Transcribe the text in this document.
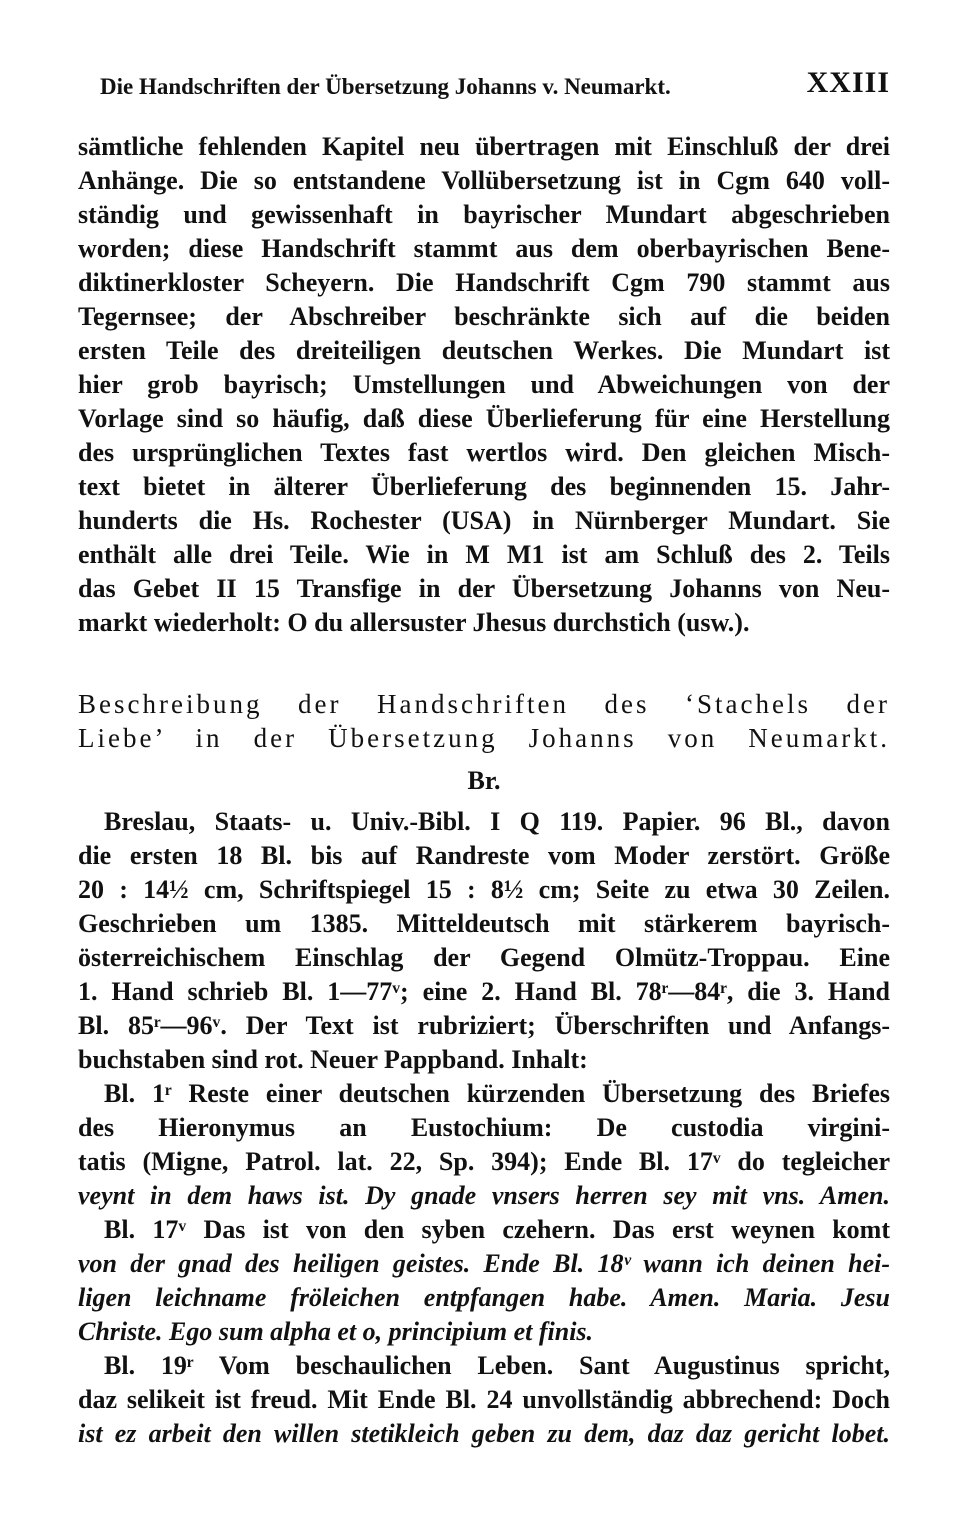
Die Handschriften der Übersetzung Johanns v. Neumarkt.	XXIII
sämtliche fehlenden Kapitel neu übertragen mit Einschluß der drei
Anhänge. Die so entstandene Vollübersetzung ist in Cgm 640 voll-
ständig und gewissenhaft in bayrischer Mundart abgeschrieben
worden; diese Handschrift stammt aus dem oberbayrischen Bene-
diktinerkloster Scheyern. Die Handschrift Cgm 790 stammt aus
Tegernsee; der Abschreiber beschränkte sich auf die beiden
ersten Teile des dreiteiligen deutschen Werkes. Die Mundart ist
hier grob bayrisch; Umstellungen und Abweichungen von der
Vorlage sind so häufig, daß diese Überlieferung für eine Herstellung
des ursprünglichen Textes fast wertlos wird. Den gleichen Misch-
text bietet in älterer Überlieferung des beginnenden 15. Jahr-
hunderts die Hs. Rochester (USA) in Nürnberger Mundart. Sie
enthält alle drei Teile. Wie in M M1 ist am Schluß des 2. Teils
das Gebet II 15 Transfige in der Übersetzung Johanns von Neu-
markt wiederholt: O du allersuster Jhesus durchstich (usw.).
Beschreibung der Handschriften des ‘Stachels der
Liebe’ in der Übersetzung Johanns von Neumarkt.
Br.
Breslau, Staats- u. Univ.-Bibl. I Q 119. Papier. 96 Bl., davon
die ersten 18 Bl. bis auf Randreste vom Moder zerstört. Größe
20 : 14½ cm, Schriftspiegel 15 : 8½ cm; Seite zu etwa 30 Zeilen.
Geschrieben um 1385. Mitteldeutsch mit stärkerem bayrisch-
österreichischem Einschlag der Gegend Olmütz-Troppau. Eine
1. Hand schrieb Bl. 1—77ᵛ; eine 2. Hand Bl. 78ʳ—84ʳ, die 3. Hand
Bl. 85ʳ—96ᵛ. Der Text ist rubriziert; Überschriften und Anfangs-
buchstaben sind rot. Neuer Pappband. Inhalt:
Bl. 1ʳ Reste einer deutschen kürzenden Übersetzung des Briefes
des Hieronymus an Eustochium: De custodia virgini-
tatis (Migne, Patrol. lat. 22, Sp. 394); Ende Bl. 17ᵛ do tegleicher
veynt in dem haws ist. Dy gnade vnsers herren sey mit vns. Amen.
Bl. 17ᵛ Das ist von den syben czehern. Das erst weynen komt
von der gnad des heiligen geistes. Ende Bl. 18ᵛ wann ich deinen hei-
ligen leichname fröleichen entpfangen habe. Amen. Maria. Jesu
Christe. Ego sum alpha et o, principium et finis.
Bl. 19ʳ Vom beschaulichen Leben. Sant Augustinus spricht,
daz selikeit ist freud. Mit Ende Bl. 24 unvollständig abbrechend: Doch
ist ez arbeit den willen stetikleich geben zu dem, daz daz gericht lobet.
